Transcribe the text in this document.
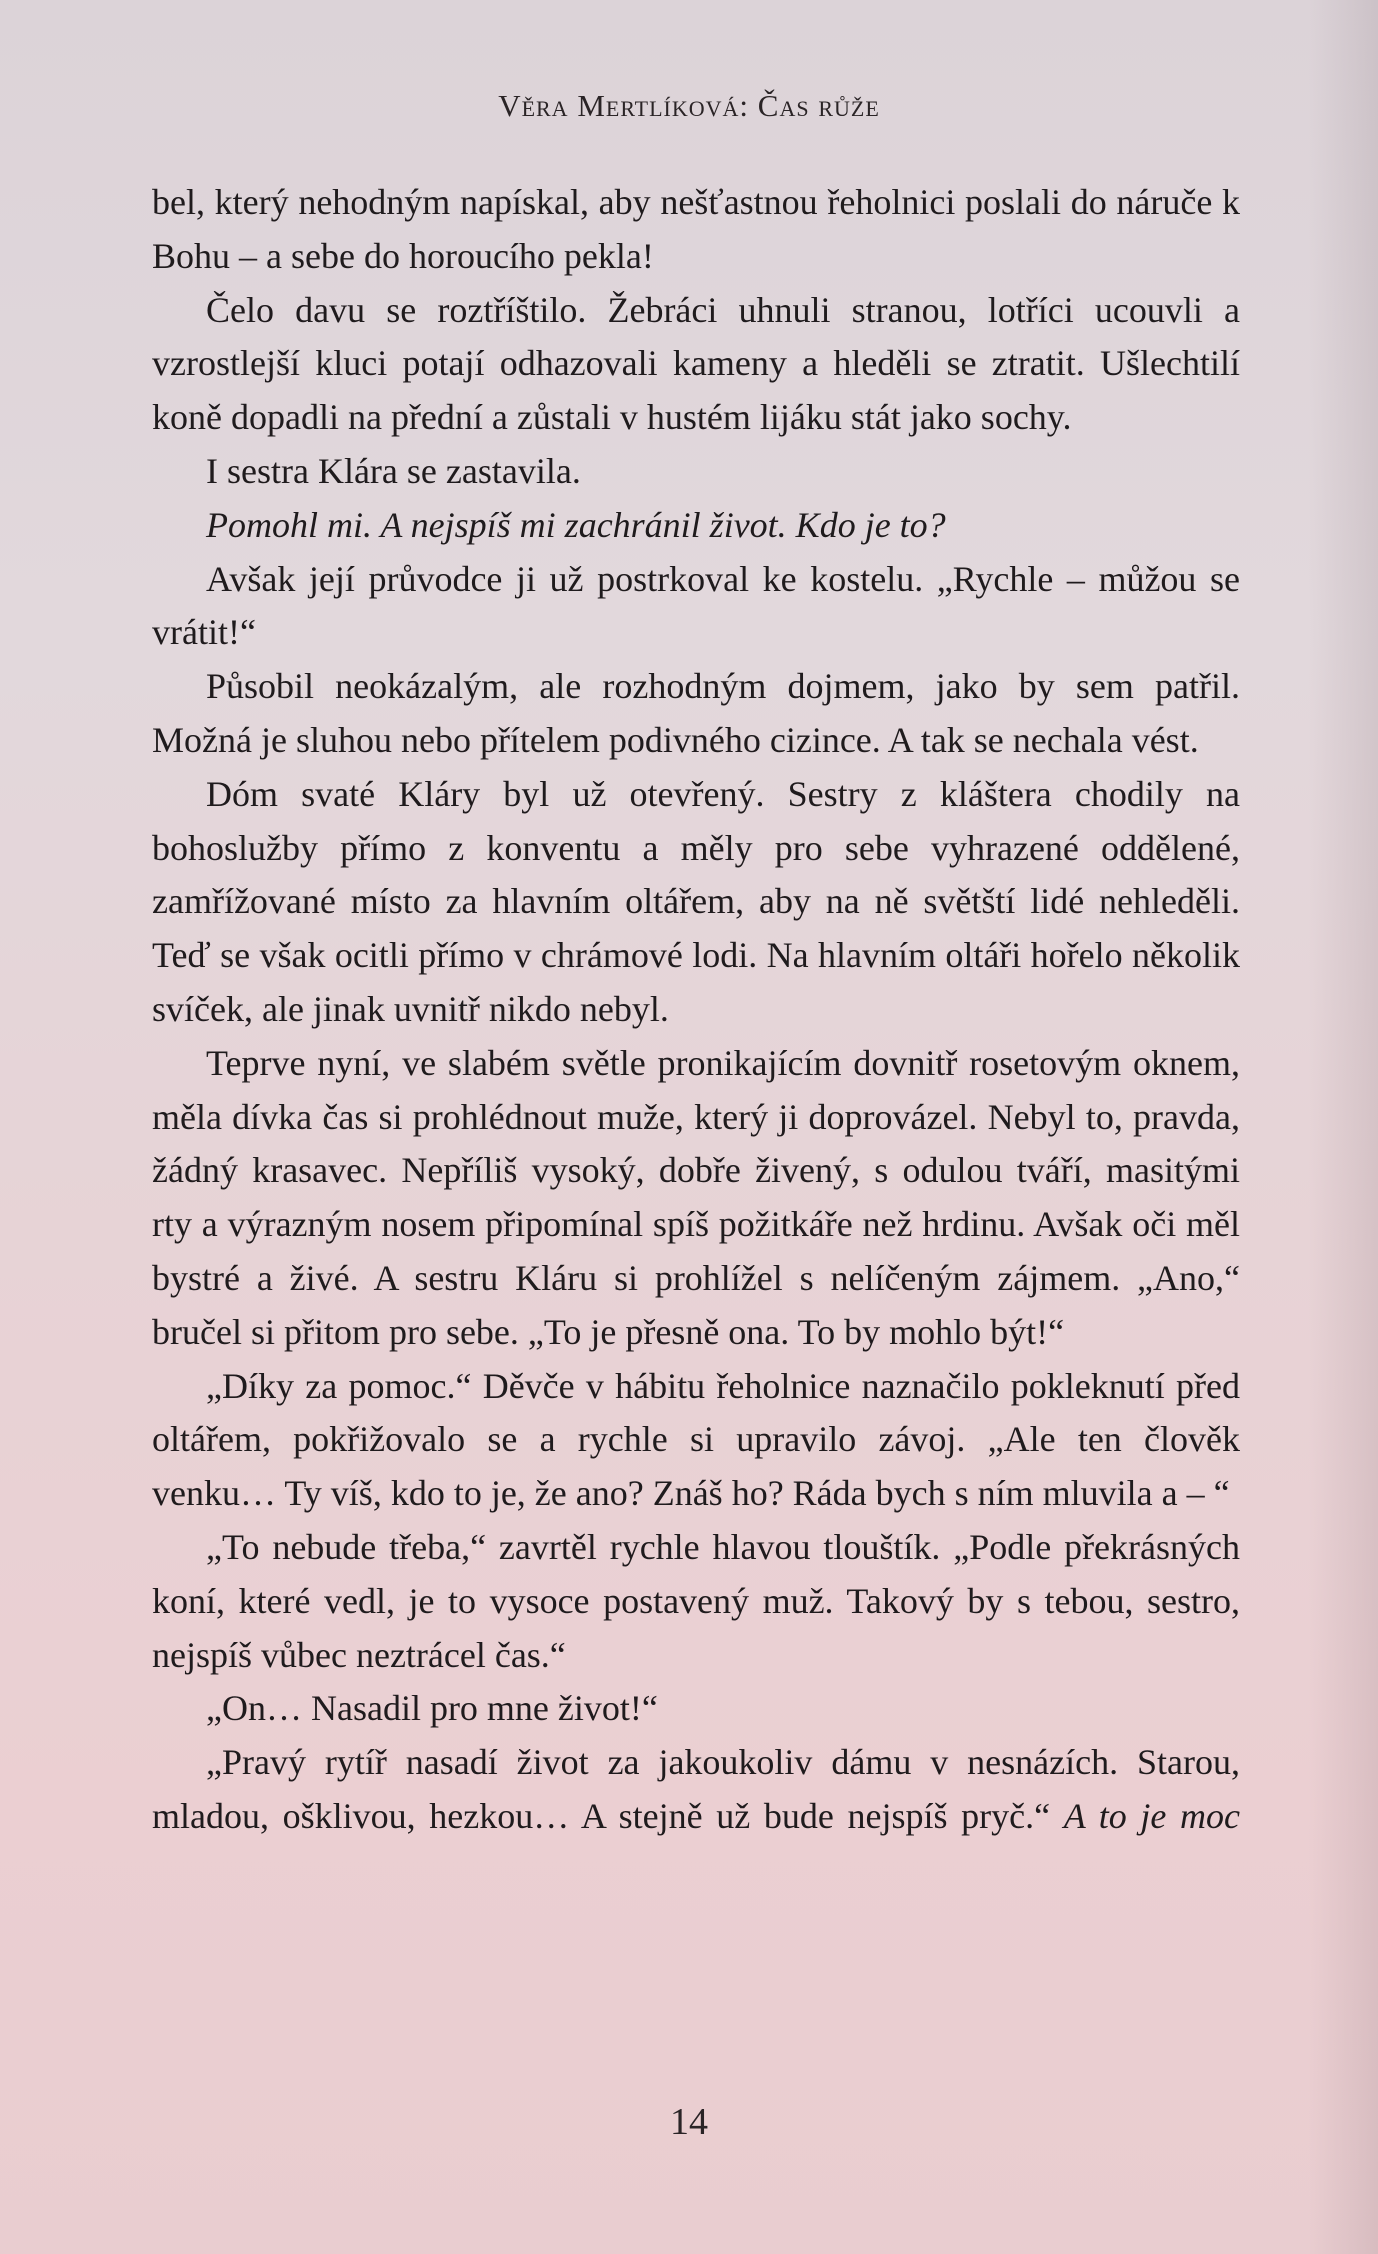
Věra Mertlíková: Čas růže

bel, který nehodným napískal, aby nešťastnou řeholnici poslali do náruče k Bohu – a sebe do horoucího pekla!

Čelo davu se roztříštilo. Žebráci uhnuli stranou, lotříci ucouvli a vzrostlejší kluci potají odhazovali kameny a hleděli se ztratit. Ušlechtilí koně dopadli na přední a zůstali v hustém lijáku stát jako sochy.

I sestra Klára se zastavila.

Pomohl mi. A nejspíš mi zachránil život. Kdo je to?

Avšak její průvodce ji už postrkoval ke kostelu. „Rychle – můžou se vrátit!“

Působil neokázalým, ale rozhodným dojmem, jako by sem patřil. Možná je sluhou nebo přítelem podivného cizince. A tak se nechala vést.

Dóm svaté Kláry byl už otevřený. Sestry z kláštera chodily na bohoslužby přímo z konventu a měly pro sebe vyhrazené oddělené, zamřížované místo za hlavním oltářem, aby na ně světští lidé nehleděli. Teď se však ocitli přímo v chrámové lodi. Na hlavním oltáři hořelo několik svíček, ale jinak uvnitř nikdo nebyl.

Teprve nyní, ve slabém světle pronikajícím dovnitř rosetovým oknem, měla dívka čas si prohlédnout muže, který ji doprovázel. Nebyl to, pravda, žádný krasavec. Nepříliš vysoký, dobře živený, s odulou tváří, masitými rty a výrazným nosem připomínal spíš požitkáře než hrdinu. Avšak oči měl bystré a živé. A sestru Kláru si prohlížel s nelíčeným zájmem. „Ano,“ bručel si přitom pro sebe. „To je přesně ona. To by mohlo být!“

„Díky za pomoc.“ Děvče v hábitu řeholnice naznačilo pokleknutí před oltářem, pokřižovalo se a rychle si upravilo závoj. „Ale ten člověk venku… Ty víš, kdo to je, že ano? Znáš ho? Ráda bych s ním mluvila a – “

„To nebude třeba,“ zavrtěl rychle hlavou tlouštík. „Podle překrásných koní, které vedl, je to vysoce postavený muž. Takový by s tebou, sestro, nejspíš vůbec neztrácel čas.“

„On… Nasadil pro mne život!“

„Pravý rytíř nasadí život za jakoukoliv dámu v nesnázích. Starou, mladou, ošklivou, hezkou… A stejně už bude nejspíš pryč.“ A to je moc

14
